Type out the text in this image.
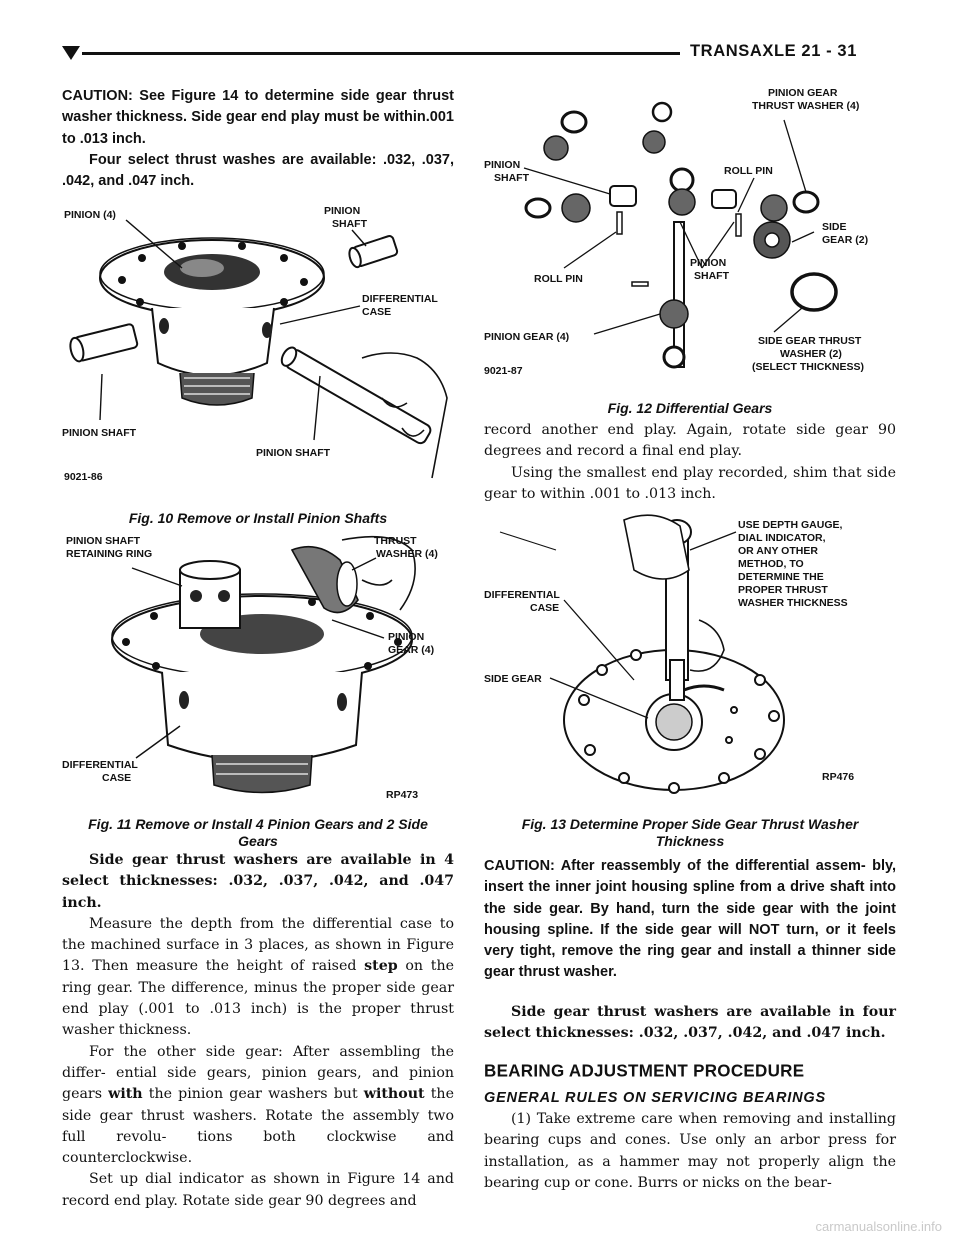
TRANSAXLE 21 - 31

CAUTION: See Figure 14 to determine side gear thrust washer thickness. Side gear end play must be within.001 to .013 inch.

Four select thrust washes are available: .032, .037, .042, and .047 inch.

PINION (4)	PINION
SHAFT
DIFFERENTIAL
CASE
PINION SHAFT
PINION SHAFT
9021-86

Fig. 10 Remove or Install Pinion Shafts

PINION SHAFT
RETAINING RING
THRUST
WASHER (4)
PINION
GEAR (4)
DIFFERENTIAL
CASE
RP473

Fig. 11 Remove or Install 4 Pinion Gears and 2 Side

Gears

Side gear thrust washers are available in 4 select thicknesses: .032, .037, .042, and .047 inch.

Measure the depth from the differential case to the machined surface in 3 places, as shown in Figure 13. Then measure the height of raised step on the ring gear. The difference, minus the proper side gear end play (.001 to .013 inch) is the proper thrust washer thickness.

For the other side gear: After assembling the differ- ential side gears, pinion gears, and pinion gears with the pinion gear washers but without the side gear thrust washers. Rotate the assembly two full revolu- tions both clockwise and counterclockwise.

Set up dial indicator as shown in Figure 14 and record end play. Rotate side gear 90 degrees and

PINION GEAR
THRUST WASHER (4)
PINION
SHAFT
ROLL PIN
SIDE
GEAR (2)
ROLL PIN
PINION
SHAFT
PINION GEAR (4)	SIDE GEAR THRUST
WASHER (2)
(SELECT THICKNESS)
9021-87

Fig. 12 Differential Gears

record another end play. Again, rotate side gear 90 degrees and record a final end play.

Using the smallest end play recorded, shim that side gear to within .001 to .013 inch.

USE DEPTH GAUGE,
DIAL INDICATOR,
OR ANY OTHER
METHOD, TO
DETERMINE THE
PROPER THRUST
WASHER THICKNESS
DIFFERENTIAL
CASE
SIDE GEAR
RP476

Fig. 13 Determine Proper Side Gear Thrust Washer

Thickness

CAUTION: After reassembly of the differential assem- bly, insert the inner joint housing spline from a drive shaft into the side gear. By hand, turn the side gear with the joint housing spline. If the side gear will NOT turn, or it feels very tight, remove the ring gear and install a thinner side gear thrust washer.

Side gear thrust washers are available in four select thicknesses: .032, .037, .042, and .047 inch.

BEARING ADJUSTMENT PROCEDURE
GENERAL RULES ON SERVICING BEARINGS

(1) Take extreme care when removing and installing bearing cups and cones. Use only an arbor press for installation, as a hammer may not properly align the bearing cup or cone. Burrs or nicks on the bear-

carmanualsonline.info
